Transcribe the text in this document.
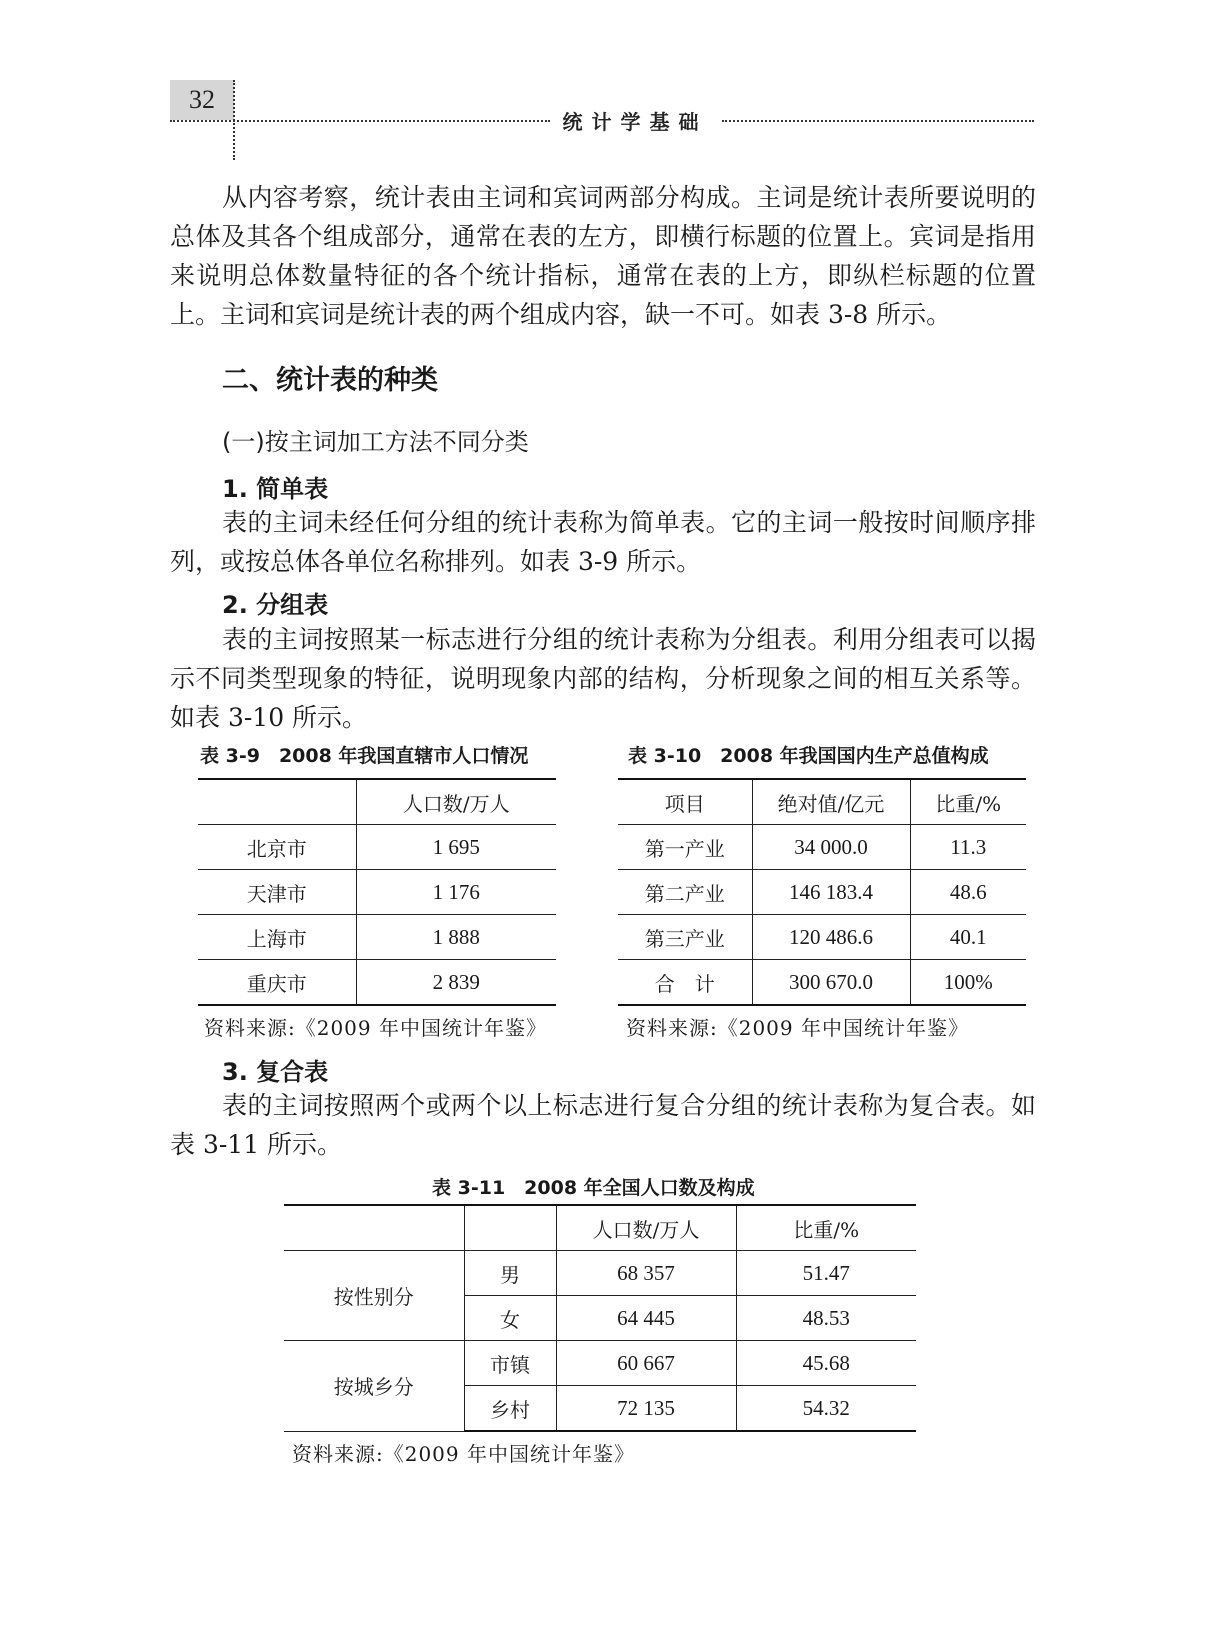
32
统计学基础

从内容考察，统计表由主词和宾词两部分构成。主词是统计表所要说明的总体及其各个组成部分，通常在表的左方，即横行标题的位置上。宾词是指用来说明总体数量特征的各个统计指标，通常在表的上方，即纵栏标题的位置上。主词和宾词是统计表的两个组成内容，缺一不可。如表 3-8 所示。

二、统计表的种类
(一)按主词加工方法不同分类
1. 简单表

表的主词未经任何分组的统计表称为简单表。它的主词一般按时间顺序排列，或按总体各单位名称排列。如表 3-9 所示。

2. 分组表

表的主词按照某一标志进行分组的统计表称为分组表。利用分组表可以揭示不同类型现象的特征，说明现象内部的结构，分析现象之间的相互关系等。如表 3-10 所示。

表 3-9　2008 年我国直辖市人口情况
	人口数/万人
北京市	1 695
天津市	1 176
上海市	1 888
重庆市	2 839
资料来源:《2009 年中国统计年鉴》
表 3-10　2008 年我国国内生产总值构成
项目	绝对值/亿元	比重/%
第一产业	34 000.0	11.3
第二产业	146 183.4	48.6
第三产业	120 486.6	40.1
合　计	300 670.0	100%
资料来源:《2009 年中国统计年鉴》
3. 复合表

表的主词按照两个或两个以上标志进行复合分组的统计表称为复合表。如表 3-11 所示。

表 3-11　2008 年全国人口数及构成
		人口数/万人	比重/%
按性别分	男	68 357	51.47
	女	64 445	48.53
按城乡分	市镇	60 667	45.68
	乡村	72 135	54.32
资料来源:《2009 年中国统计年鉴》
